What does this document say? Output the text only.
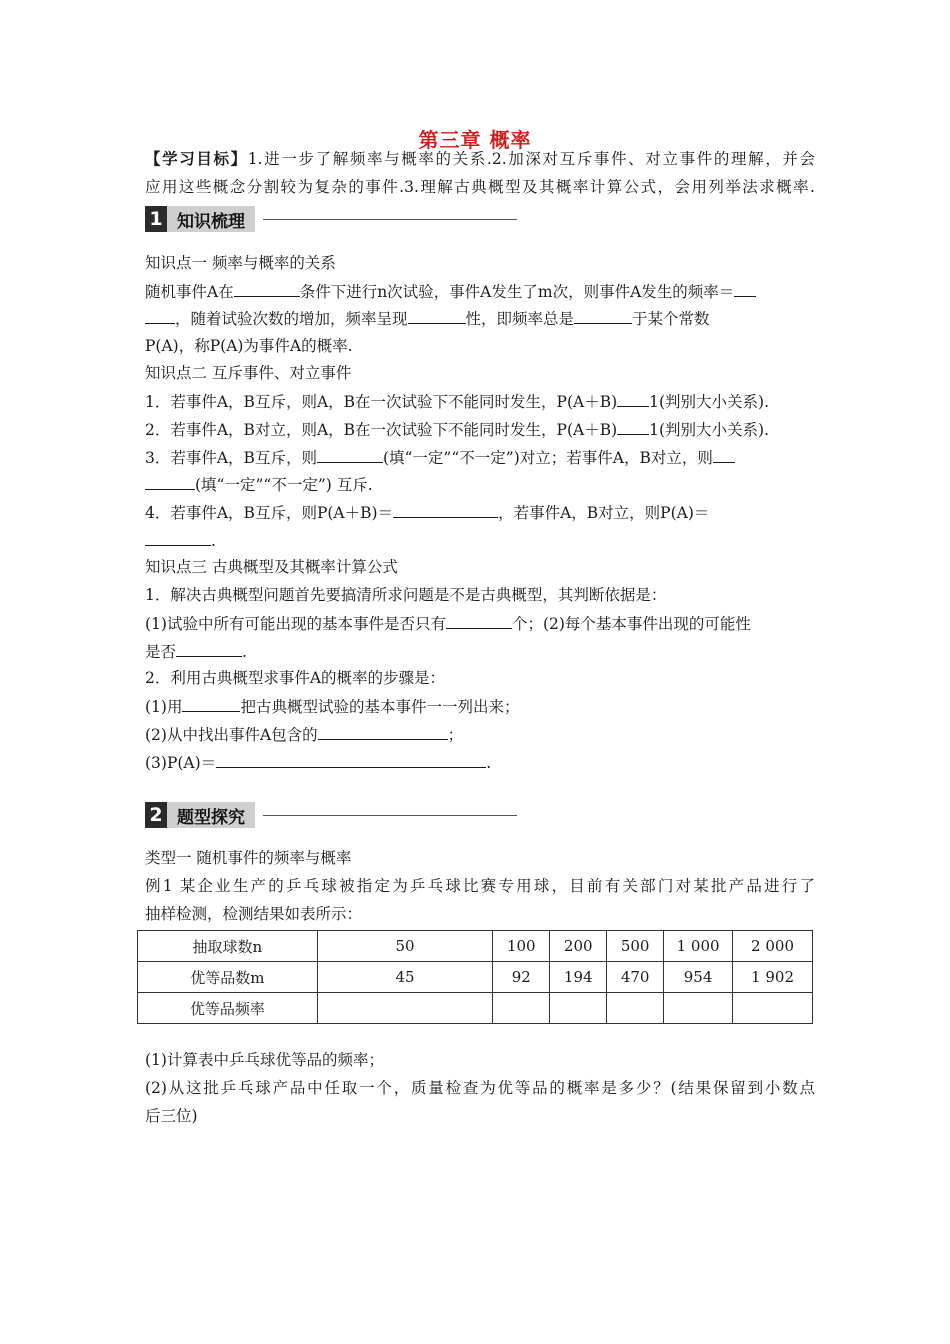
第三章 概率
【学习目标】1.进一步了解频率与概率的关系.2.加深对互斥事件、对立事件的理解，并会
应用这些概念分割较为复杂的事件.3.理解古典概型及其概率计算公式，会用列举法求概率.
1 知识梳理
知识点一 频率与概率的关系
随机事件A在	条件下进行n次试验，事件A发生了m次，则事件A发生的频率＝
，随着试验次数的增加，频率呈现	性，即频率总是	于某个常数
P(A)，称P(A)为事件A的概率.
知识点二 互斥事件、对立事件
1．若事件A，B互斥，则A，B在一次试验下不能同时发生，P(A＋B) 1(判别大小关系).
2．若事件A，B对立，则A，B在一次试验下不能同时发生，P(A＋B) 1(判别大小关系).
3．若事件A，B互斥，则	(填“一定”“不一定”)对立；若事件A，B对立，则
(填“一定”“不一定”) 互斥.
4．若事件A，B互斥，则P(A＋B)＝	，若事件A，B对立，则P(A)＝
.
知识点三 古典概型及其概率计算公式
1．解决古典概型问题首先要搞清所求问题是不是古典概型，其判断依据是：
(1)试验中所有可能出现的基本事件是否只有	个；(2)每个基本事件出现的可能性
是否	.
2．利用古典概型求事件A的概率的步骤是：
(1)用	把古典概型试验的基本事件一一列出来；
(2)从中找出事件A包含的	；
(3)P(A)＝	.
2 题型探究
类型一 随机事件的频率与概率
例1 某企业生产的乒乓球被指定为乒乓球比赛专用球，目前有关部门对某批产品进行了
抽样检测，检测结果如表所示：
抽取球数n	50	100	200	500	1 000	2 000
优等品数m	45	92	194	470	954	1 902
优等品频率						
(1)计算表中乒乓球优等品的频率；
(2)从这批乒乓球产品中任取一个，质量检查为优等品的概率是多少？(结果保留到小数点
后三位)
